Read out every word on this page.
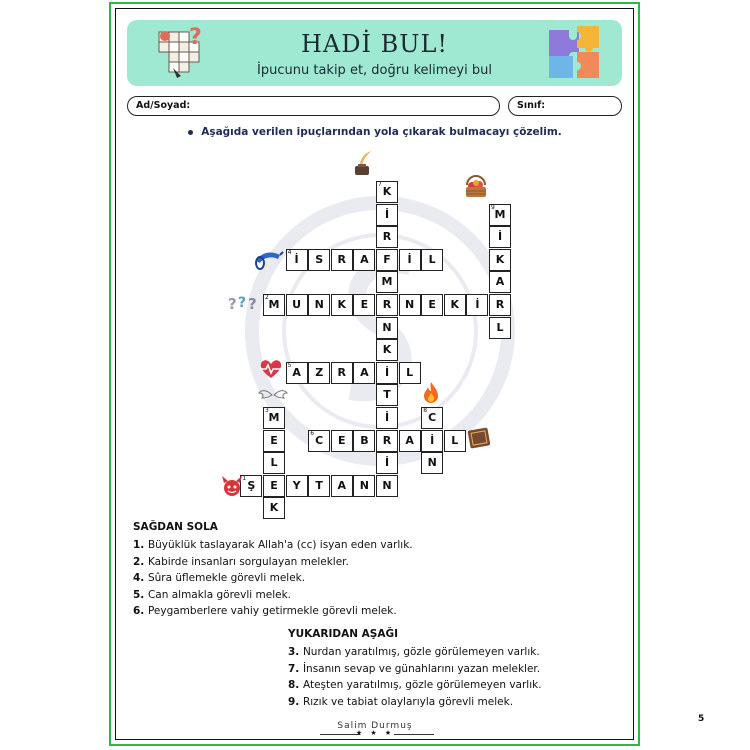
HADİ BUL!
İpucunu takip et, doğru kelimeyi bul
?
Ad/Soyad:	Sınıf:
Aşağıda verilen ipuçlarından yola çıkarak bulmacayı çözelim.
7
K
İ
9
M
R	İ
4
İ	S	R	A	F	İ	L	K
M	A
2
M	U	N	K	E	R	N	E	K	İ	R
N	L
K
5
A	Z	R	A	İ	L
T
3
M	İ
8
C
E
6
C	E	B	R	A	İ	L
L	İ	N
1
Ş	E	Y	T	A	N	N
K
? ? ?
SAĞDAN SOLA
1. Büyüklük taslayarak Allah'a (cc) isyan eden varlık.
2. Kabirde insanları sorgulayan melekler.
4. Sûra üflemekle görevli melek.
5. Can almakla görevli melek.
6. Peygamberlere vahiy getirmekle görevli melek.
YUKARIDAN AŞAĞI
3. Nurdan yaratılmış, gözle görülemeyen varlık.
7. İnsanın sevap ve günahlarını yazan melekler.
8. Ateşten yaratılmış, gözle görülemeyen varlık.
9. Rızık ve tabiat olaylarıyla görevli melek.
Salim Durmuş
★ ★ ★
5
